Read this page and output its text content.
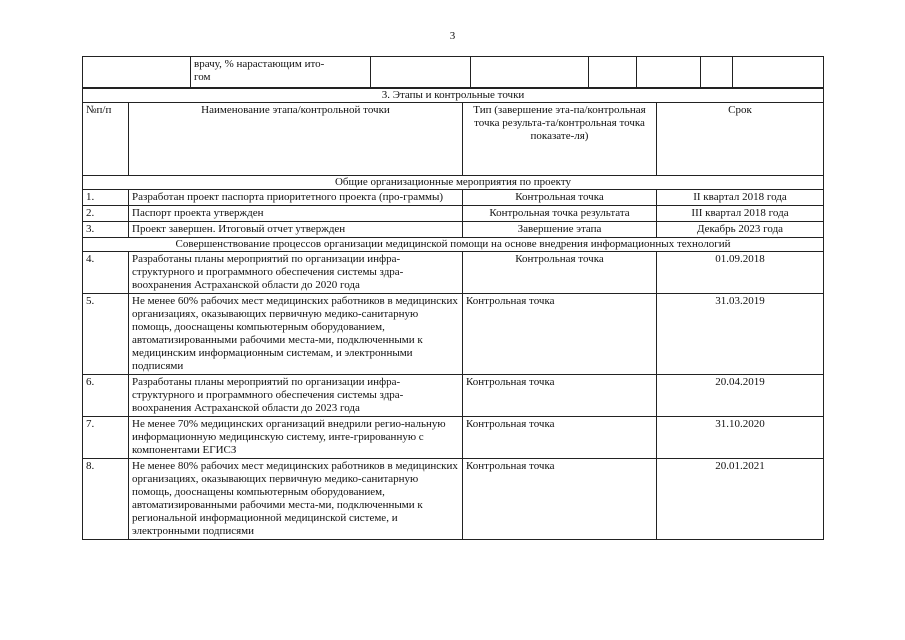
3

врачу, % нарастающим ито-
гом

3. Этапы и контрольные точки			
№п/п	Наименование этапа/контрольной точки	Тип (завершение эта-па/контрольная точка результа-та/контрольная точка показате-ля)	Срок
Общие организационные мероприятия по проекту			
1.	Разработан проект паспорта приоритетного проекта (про-граммы)	Контрольная точка	II квартал 2018 года
2.	Паспорт проекта утвержден	Контрольная точка результата	III квартал 2018 года
3.	Проект завершен. Итоговый отчет утвержден	Завершение этапа	Декабрь 2023 года
Совершенствование процессов организации медицинской помощи на основе внедрения информационных технологий			
4.	Разработаны планы мероприятий по организации инфра-структурного и программного обеспечения системы здра-воохранения Астраханской области до 2020 года	Контрольная точка	01.09.2018
5.	Не менее 60% рабочих мест медицинских работников в медицинских организациях, оказывающих первичную медико-санитарную помощь, дооснащены компьютерным оборудованием, автоматизированными рабочими места-ми, подключенными к медицинским информационным системам, и электронными подписями	Контрольная точка	31.03.2019
6.	Разработаны планы мероприятий по организации инфра-структурного и программного обеспечения системы здра-воохранения Астраханской области до 2023 года	Контрольная точка	20.04.2019
7.	Не менее 70% медицинских организаций внедрили регио-нальную информационную медицинскую систему, инте-грированную с компонентами ЕГИСЗ	Контрольная точка	31.10.2020
8.	Не менее 80% рабочих мест медицинских работников в медицинских организациях, оказывающих первичную медико-санитарную помощь, дооснащены компьютерным оборудованием, автоматизированными рабочими места-ми, подключенными к региональной информационной медицинской системе, и электронными подписями	Контрольная точка	20.01.2021
